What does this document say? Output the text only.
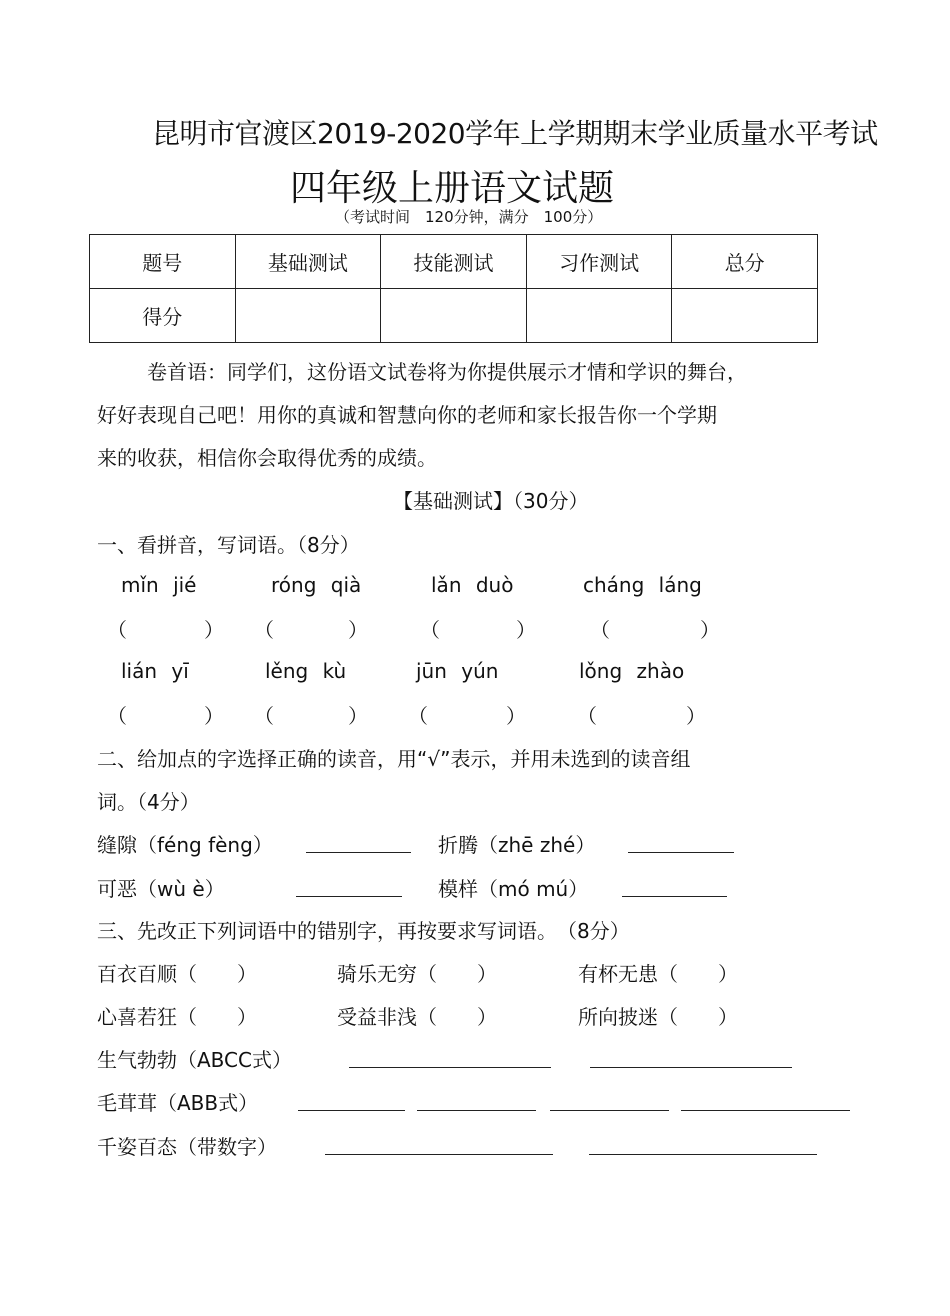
昆明市官渡区2019-2020学年上学期期末学业质量水平考试
四年级上册语文试题
（考试时间　120分钟，满分　100分）
题号	基础测试	技能测试	习作测试	总分
得分				
卷首语：同学们，这份语文试卷将为你提供展示才情和学识的舞台，
好好表现自己吧！用你的真诚和智慧向你的老师和家长报告你一个学期
来的收获，相信你会取得优秀的成绩。
【基础测试】（30分）
一、看拼音，写词语。（8分）
mǐn jié	róng qià	lǎn duò	cháng láng
（	） （	）	（	）	（	）
lián yī	lěng kù	jūn yún	lǒng zhào
（	） （	） （	）	（	）
二、给加点的字选择正确的读音，用“√”表示，并用未选到的读音组
词。（4分）
缝隙（féng fèng）	折腾（zhē zhé）
可恶（wù è）	模样（mó mú）
三、先改正下列词语中的错别字，再按要求写词语。　（8分）
百衣百顺（　　）	骑乐无穷（　　）	有杯无患（　　）
心喜若狂（　　）	受益非浅（　　）	所向披迷（　　）
生气勃勃（ABCC式）
毛茸茸（ABB式）
千姿百态（带数字）
